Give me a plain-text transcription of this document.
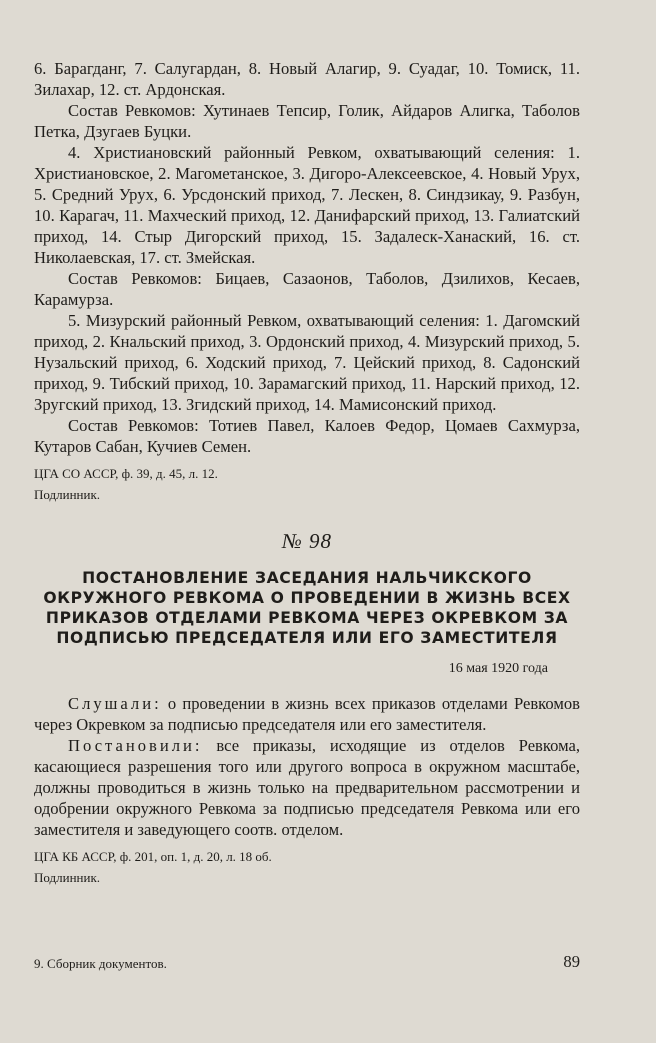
6. Барагданг, 7. Салугардан, 8. Новый Алагир, 9. Суадаг, 10. Томиск, 11. Зилахар, 12. ст. Ардонская.

Состав Ревкомов: Хутинаев Тепсир, Голик, Айдаров Алигка, Таболов Петка, Дзугаев Буцки.

4. Христиановский районный Ревком, охватывающий селения: 1. Христиановское, 2. Магометанское, 3. Дигоро-Алексеевское, 4. Новый Урух, 5. Средний Урух, 6. Урсдонский приход, 7. Лескен, 8. Синдзикау, 9. Разбун, 10. Карагач, 11. Махческий приход, 12. Данифарский приход, 13. Галиатский приход, 14. Стыр Дигорский приход, 15. Задалеск-Ханаский, 16. ст. Николаевская, 17. ст. Змейская.

Состав Ревкомов: Бицаев, Сазаонов, Таболов, Дзилихов, Кесаев, Карамурза.

5. Мизурский районный Ревком, охватывающий селения: 1. Дагомский приход, 2. Кнальский приход, 3. Ордонский приход, 4. Мизурский приход, 5. Нузальский приход, 6. Ходский приход, 7. Цейский приход, 8. Садонский приход, 9. Тибский приход, 10. Зарамагский приход, 11. Нарский приход, 12. Зругский приход, 13. Згидский приход, 14. Мамисонский приход.

Состав Ревкомов: Тотиев Павел, Калоев Федор, Цомаев Сахмурза, Кутаров Сабан, Кучиев Семен.

ЦГА СО АССР, ф. 39, д. 45, л. 12.

Подлинник.

№ 98
ПОСТАНОВЛЕНИЕ ЗАСЕДАНИЯ НАЛЬЧИКСКОГО ОКРУЖНОГО РЕВКОМА О ПРОВЕДЕНИИ В ЖИЗНЬ ВСЕХ ПРИКАЗОВ ОТДЕЛАМИ РЕВКОМА ЧЕРЕЗ ОКРЕВКОМ ЗА ПОДПИСЬЮ ПРЕДСЕДАТЕЛЯ ИЛИ ЕГО ЗАМЕСТИТЕЛЯ
16 мая 1920 года

Слушали: о проведении в жизнь всех приказов отделами Ревкомов через Окревком за подписью председателя или его заместителя.

Постановили: все приказы, исходящие из отделов Ревкома, касающиеся разрешения того или другого вопроса в окружном масштабе, должны проводиться в жизнь только на предварительном рассмотрении и одобрении окружного Ревкома за подписью председателя Ревкома или его заместителя и заведующего соотв. отделом.

ЦГА КБ АССР, ф. 201, оп. 1, д. 20, л. 18 об.

Подлинник.

9. Сборник документов.	89
